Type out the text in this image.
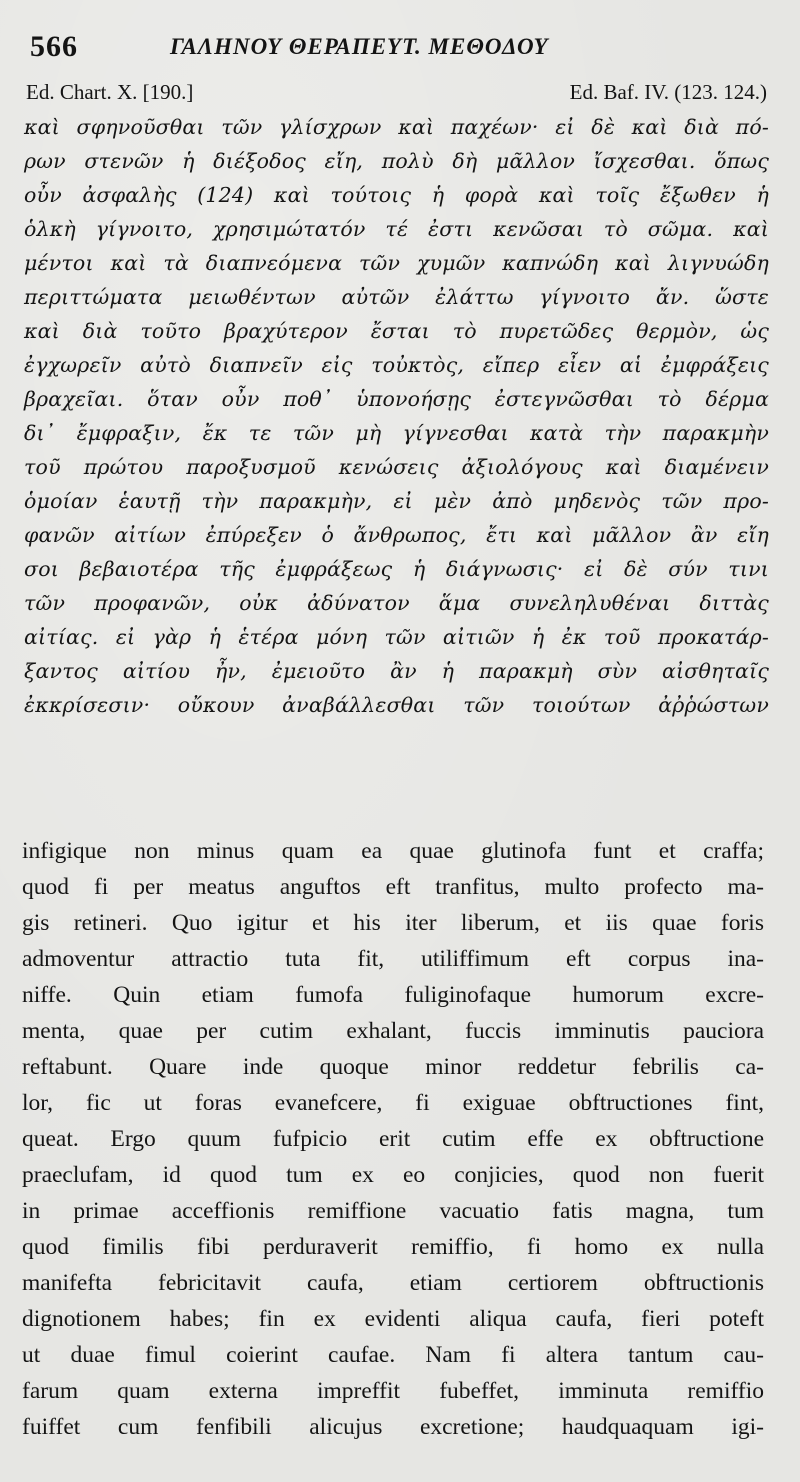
566	ΓΑΛΗΝΟΥ ΘΕΡΑΠΕΥΤ. ΜΕΘΟΔΟΥ
Ed. Chart. X. [190.]	Ed. Baf. IV. (123. 124.)
καὶ σφηνοῦσθαι τῶν γλίσχρων καὶ παχέων· εἰ δὲ καὶ διὰ πό-
ρων στενῶν ἡ διέξοδος εἴη, πολὺ δὴ μᾶλλον ἴσχεσθαι. ὅπως
οὖν ἀσφαλὴς (124) καὶ τούτοις ἡ φορὰ καὶ τοῖς ἔξωθεν ἡ
ὁλκὴ γίγνοιτο, χρησιμώτατόν τέ ἐστι κενῶσαι τὸ σῶμα. καὶ
μέντοι καὶ τὰ διαπνεόμενα τῶν χυμῶν καπνώδη καὶ λιγνυώδη
περιττώματα μειωθέντων αὐτῶν ἐλάττω γίγνοιτο ἄν. ὥστε
καὶ διὰ τοῦτο βραχύτερον ἔσται τὸ πυρετῶδες θερμὸν, ὡς
ἐγχωρεῖν αὐτὸ διαπνεῖν εἰς τοὐκτὸς, εἴπερ εἶεν αἱ ἐμφράξεις
βραχεῖαι. ὅταν οὖν ποθ᾽ ὑπονοήσῃς ἐστεγνῶσθαι τὸ δέρμα
δι᾽ ἔμφραξιν, ἔκ τε τῶν μὴ γίγνεσθαι κατὰ τὴν παρακμὴν
τοῦ πρώτου παροξυσμοῦ κενώσεις ἀξιολόγους καὶ διαμένειν
ὁμοίαν ἑαυτῇ τὴν παρακμὴν, εἰ μὲν ἀπὸ μηδενὸς τῶν προ-
φανῶν αἰτίων ἐπύρεξεν ὁ ἄνθρωπος, ἔτι καὶ μᾶλλον ἂν εἴη
σοι βεβαιοτέρα τῆς ἐμφράξεως ἡ διάγνωσις· εἰ δὲ σύν τινι
τῶν προφανῶν, οὐκ ἀδύνατον ἅμα συνεληλυθέναι διττὰς
αἰτίας. εἰ γὰρ ἡ ἑτέρα μόνη τῶν αἰτιῶν ἡ ἐκ τοῦ προκατάρ-
ξαντος αἰτίου ἦν, ἐμειοῦτο ἂν ἡ παρακμὴ σὺν αἰσθηταῖς
ἐκκρίσεσιν· οὔκουν ἀναβάλλεσθαι τῶν τοιούτων ἀῤῥώστων
infigique non minus quam ea quae glutinofa funt et craffa;
quod fi per meatus anguftos eft tranfitus, multo profecto ma-
gis retineri. Quo igitur et his iter liberum, et iis quae foris
admoventur attractio tuta fit, utiliffimum eft corpus ina-
niffe. Quin etiam fumofa fuliginofaque humorum excre-
menta, quae per cutim exhalant, fuccis imminutis pauciora
reftabunt. Quare inde quoque minor reddetur febrilis ca-
lor, fic ut foras evanefcere, fi exiguae obftructiones fint,
queat. Ergo quum fufpicio erit cutim effe ex obftructione
praeclufam, id quod tum ex eo conjicies, quod non fuerit
in primae acceffionis remiffione vacuatio fatis magna, tum
quod fimilis fibi perduraverit remiffio, fi homo ex nulla
manifefta febricitavit caufa, etiam certiorem obftructionis
dignotionem habes; fin ex evidenti aliqua caufa, fieri poteft
ut duae fimul coierint caufae. Nam fi altera tantum cau-
farum quam externa impreffit fubeffet, imminuta remiffio
fuiffet cum fenfibili alicujus excretione; haudquaquam igi-
